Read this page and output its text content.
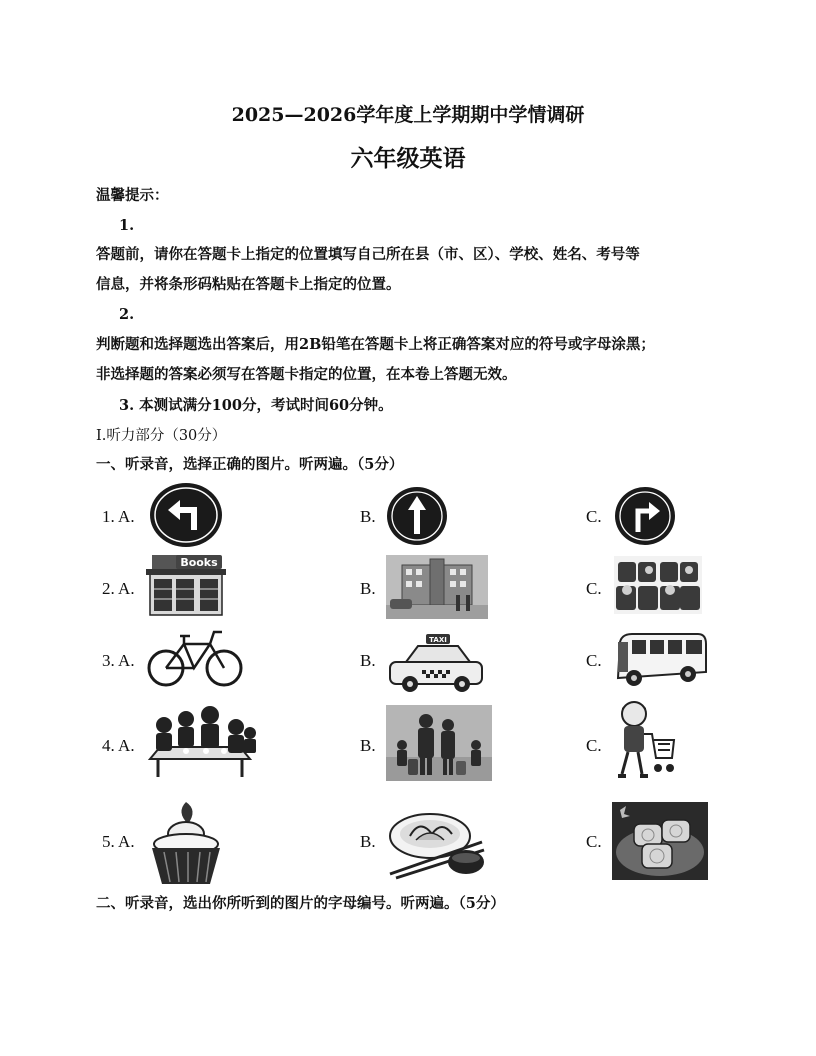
2025—2026学年度上学期期中学情调研
六年级英语
温馨提示：
1.
答题前，请你在答题卡上指定的位置填写自己所在县（市、区）、学校、姓名、考号等
信息，并将条形码粘贴在答题卡上指定的位置。
2.
判断题和选择题选出答案后，用2B铅笔在答题卡上将正确答案对应的符号或字母涂黑；
非选择题的答案必须写在答题卡指定的位置，在本卷上答题无效。
3. 本测试满分100分，考试时间60分钟。
I.听力部分（30分）
一、听录音，选择正确的图片。听两遍。（5分）
1. A.	B.	C.
2. A.	B.	C.
3. A.	B.	C.
4. A.	B.	C.
5. A.	B.	C.
Books
TAXI
二、听录音，选出你所听到的图片的字母编号。听两遍。（5分）
